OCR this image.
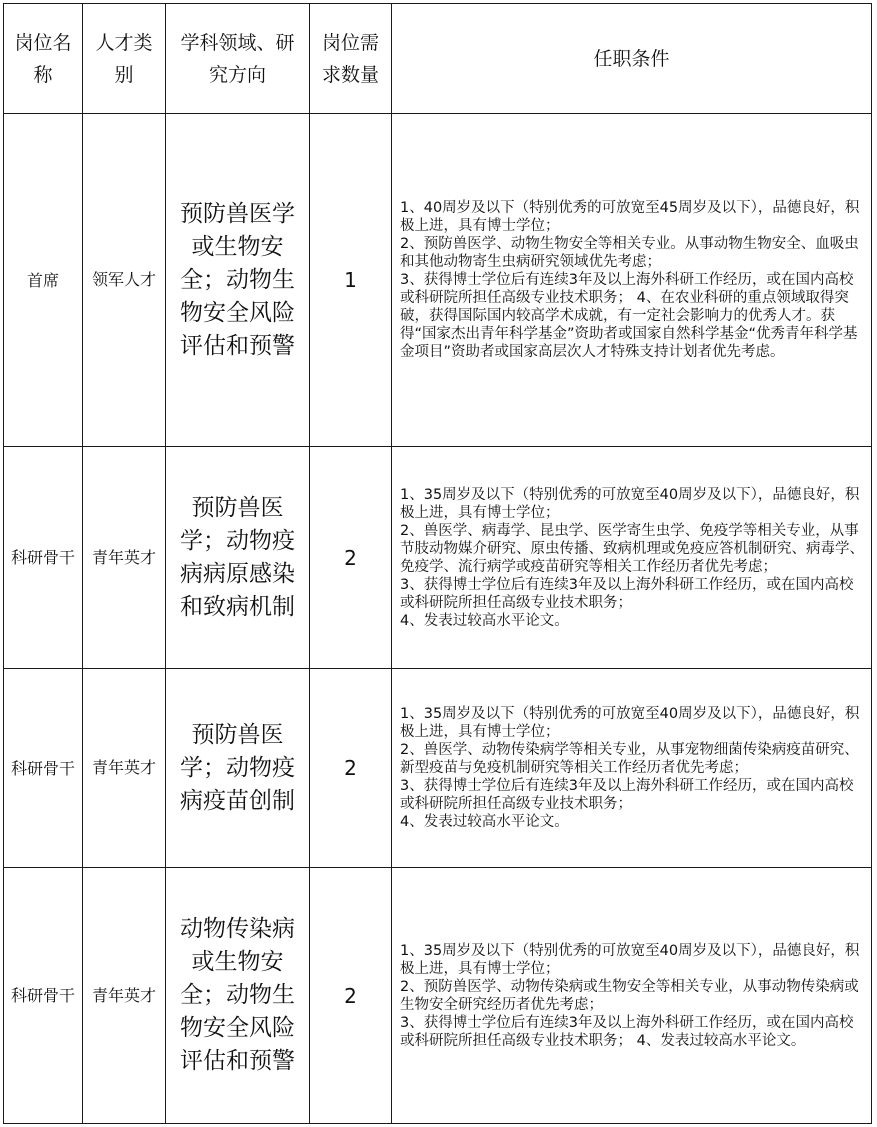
岗位名称	人才类别	学科领域、研究方向	岗位需求数量	任职条件
首席	领军人才	预防兽医学或生物安全；动物生物安全风险评估和预警	1	1、40周岁及以下（特别优秀的可放宽至45周岁及以下），品德良好，积极上进，具有博士学位；
2、预防兽医学、动物生物安全等相关专业。从事动物生物安全、血吸虫和其他动物寄生虫病研究领域优先考虑；
3、获得博士学位后有连续3年及以上海外科研工作经历，或在国内高校或科研院所担任高级专业技术职务； 4、在农业科研的重点领域取得突破，获得国际国内较高学术成就，有一定社会影响力的优秀人才。获得“国家杰出青年科学基金”资助者或国家自然科学基金“优秀青年科学基金项目”资助者或国家高层次人才特殊支持计划者优先考虑。

科研骨干	青年英才	预防兽医学；动物疫病病原感染和致病机制	2	1、35周岁及以下（特别优秀的可放宽至40周岁及以下），品德良好，积极上进，具有博士学位；
2、兽医学、病毒学、昆虫学、医学寄生虫学、免疫学等相关专业，从事节肢动物媒介研究、原虫传播、致病机理或免疫应答机制研究、病毒学、免疫学、流行病学或疫苗研究等相关工作经历者优先考虑；
3、获得博士学位后有连续3年及以上海外科研工作经历，或在国内高校或科研院所担任高级专业技术职务；
4、发表过较高水平论文。

科研骨干	青年英才	预防兽医学；动物疫病疫苗创制	2	1、35周岁及以下（特别优秀的可放宽至40周岁及以下），品德良好，积极上进，具有博士学位；
2、兽医学、动物传染病学等相关专业，从事宠物细菌传染病疫苗研究、新型疫苗与免疫机制研究等相关工作经历者优先考虑；
3、获得博士学位后有连续3年及以上海外科研工作经历，或在国内高校或科研院所担任高级专业技术职务；
4、发表过较高水平论文。

科研骨干	青年英才	动物传染病或生物安全；动物生物安全风险评估和预警	2	1、35周岁及以下（特别优秀的可放宽至40周岁及以下），品德良好，积极上进，具有博士学位；
2、预防兽医学、动物传染病或生物安全等相关专业，从事动物传染病或生物安全研究经历者优先考虑；
3、获得博士学位后有连续3年及以上海外科研工作经历，或在国内高校或科研院所担任高级专业技术职务； 4、发表过较高水平论文。
